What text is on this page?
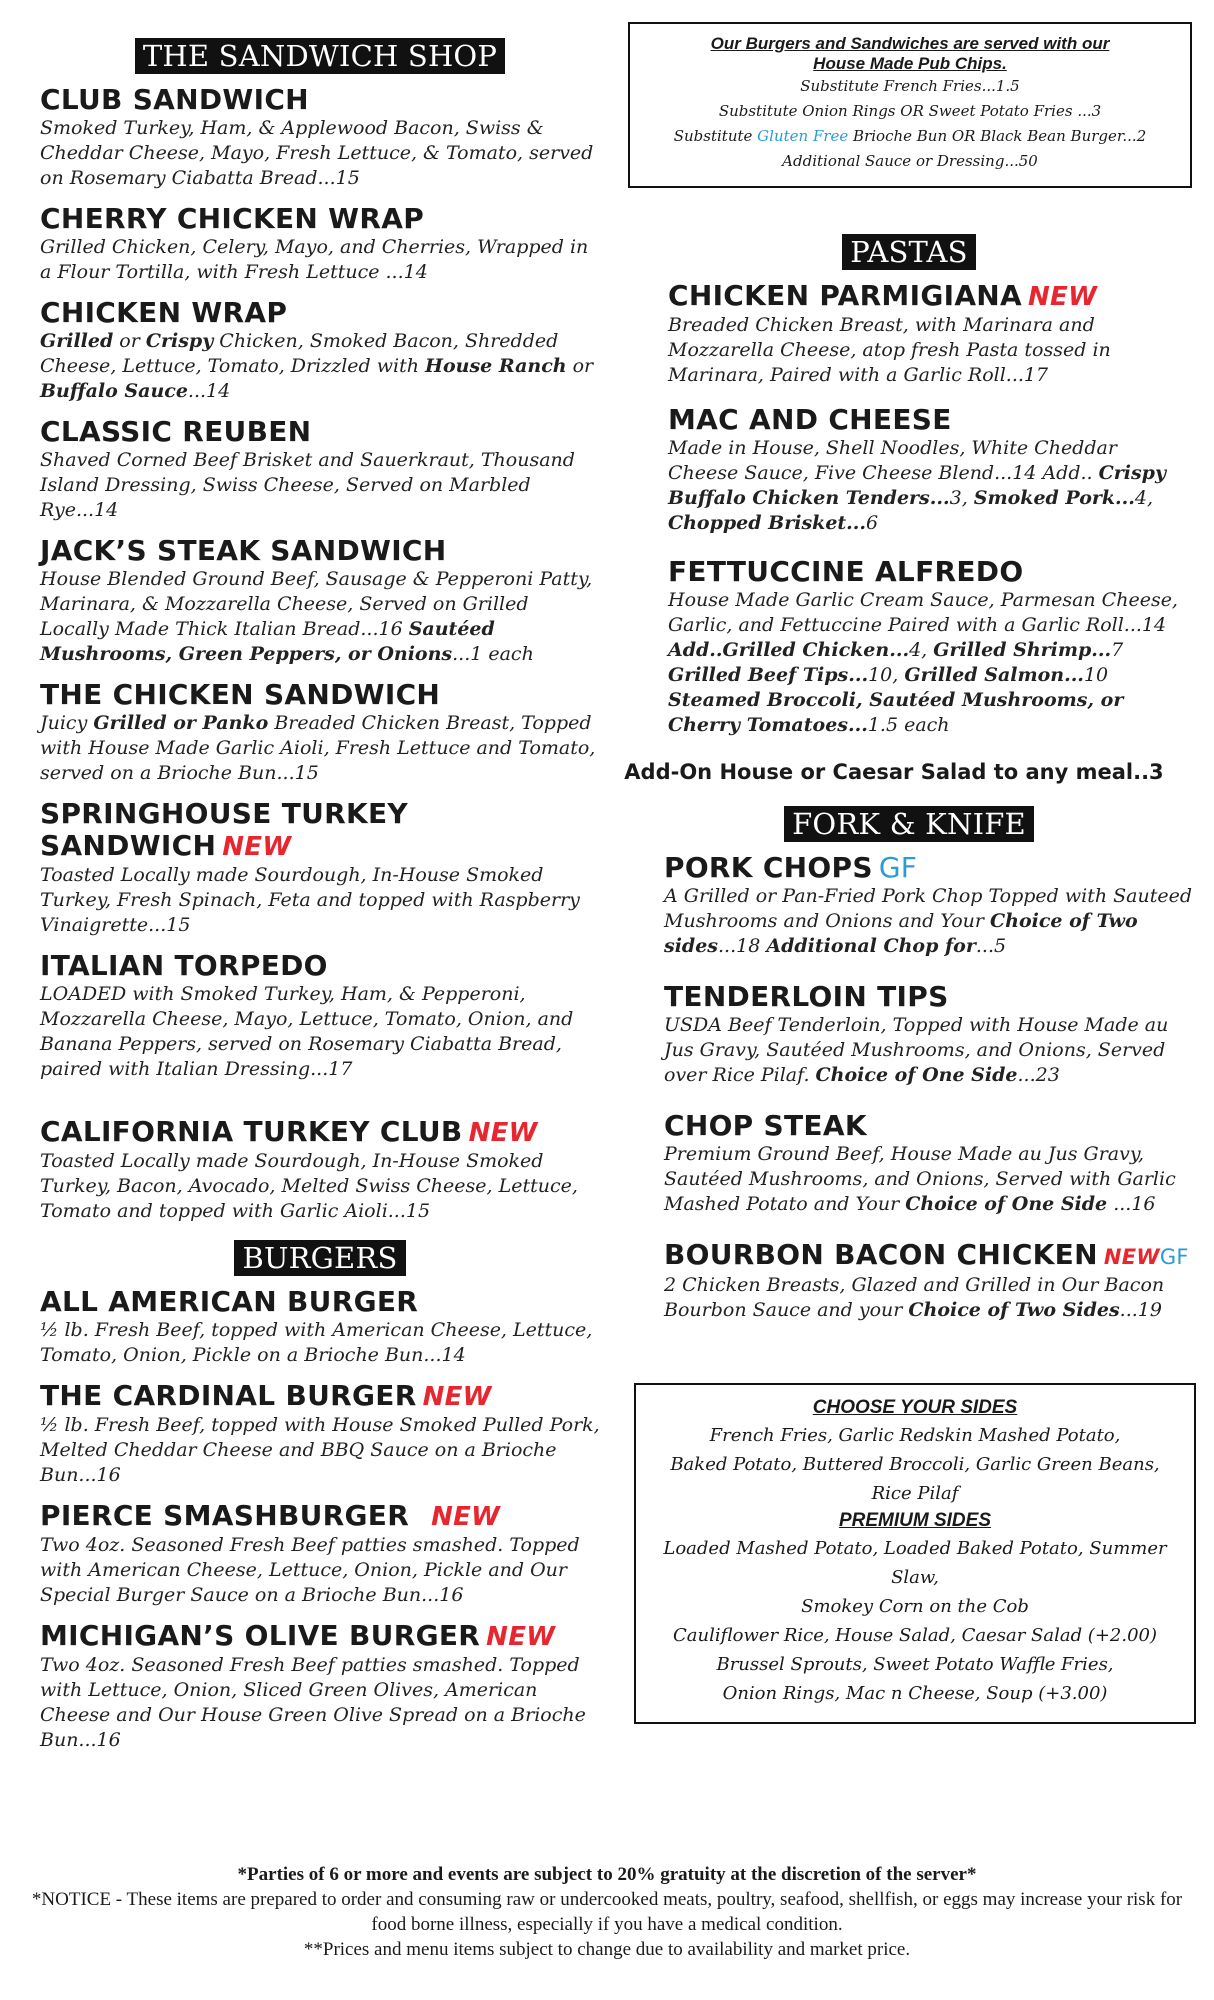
THE SANDWICH SHOP
CLUB SANDWICH
Smoked Turkey, Ham, & Applewood Bacon, Swiss & Cheddar Cheese, Mayo, Fresh Lettuce, & Tomato, served on Rosemary Ciabatta Bread...15
CHERRY CHICKEN WRAP
Grilled Chicken, Celery, Mayo, and Cherries, Wrapped in a Flour Tortilla, with Fresh Lettuce ...14
CHICKEN WRAP
Grilled or Crispy Chicken, Smoked Bacon, Shredded Cheese, Lettuce, Tomato, Drizzled with House Ranch or Buffalo Sauce...14
CLASSIC REUBEN
Shaved Corned Beef Brisket and Sauerkraut, Thousand Island Dressing, Swiss Cheese, Served on Marbled Rye...14
JACK’S STEAK SANDWICH
House Blended Ground Beef, Sausage & Pepperoni Patty, Marinara, & Mozzarella Cheese, Served on Grilled Locally Made Thick Italian Bread...16 Sautéed Mushrooms, Green Peppers, or Onions...1 each
THE CHICKEN SANDWICH
Juicy Grilled or Panko Breaded Chicken Breast, Topped with House Made Garlic Aioli, Fresh Lettuce and Tomato, served on a Brioche Bun...15
SPRINGHOUSE TURKEY SANDWICH NEW
Toasted Locally made Sourdough, In-House Smoked Turkey, Fresh Spinach, Feta and topped with Raspberry Vinaigrette...15
ITALIAN TORPEDO
LOADED with Smoked Turkey, Ham, & Pepperoni, Mozzarella Cheese, Mayo, Lettuce, Tomato, Onion, and Banana Peppers, served on Rosemary Ciabatta Bread, paired with Italian Dressing...17
CALIFORNIA TURKEY CLUB NEW
Toasted Locally made Sourdough, In-House Smoked Turkey, Bacon, Avocado, Melted Swiss Cheese, Lettuce, Tomato and topped with Garlic Aioli...15
BURGERS
ALL AMERICAN BURGER
½ lb. Fresh Beef, topped with American Cheese, Lettuce, Tomato, Onion, Pickle on a Brioche Bun...14
THE CARDINAL BURGER NEW
½ lb. Fresh Beef, topped with House Smoked Pulled Pork, Melted Cheddar Cheese and BBQ Sauce on a Brioche Bun...16
PIERCE SMASHBURGER NEW
Two 4oz. Seasoned Fresh Beef patties smashed. Topped with American Cheese, Lettuce, Onion, Pickle and Our Special Burger Sauce on a Brioche Bun...16
MICHIGAN’S OLIVE BURGER NEW
Two 4oz. Seasoned Fresh Beef patties smashed. Topped with Lettuce, Onion, Sliced Green Olives, American Cheese and Our House Green Olive Spread on a Brioche Bun...16
Our Burgers and Sandwiches are served with our
House Made Pub Chips.
Substitute French Fries...1.5
Substitute Onion Rings OR Sweet Potato Fries ...3
Substitute Gluten Free Brioche Bun OR Black Bean Burger...2
Additional Sauce or Dressing...50
PASTAS
CHICKEN PARMIGIANA NEW
Breaded Chicken Breast, with Marinara and Mozzarella Cheese, atop fresh Pasta tossed in Marinara, Paired with a Garlic Roll...17
MAC AND CHEESE
Made in House, Shell Noodles, White Cheddar Cheese Sauce, Five Cheese Blend...14 Add.. Crispy Buffalo Chicken Tenders...3, Smoked Pork...4, Chopped Brisket...6
FETTUCCINE ALFREDO
House Made Garlic Cream Sauce, Parmesan Cheese, Garlic, and Fettuccine Paired with a Garlic Roll...14
Add..Grilled Chicken...4, Grilled Shrimp...7
Grilled Beef Tips...10, Grilled Salmon...10
Steamed Broccoli, Sautéed Mushrooms, or Cherry Tomatoes...1.5 each
Add-On House or Caesar Salad to any meal..3
FORK & KNIFE
PORK CHOPS GF
A Grilled or Pan-Fried Pork Chop Topped with Sauteed Mushrooms and Onions and Your Choice of Two sides...18 Additional Chop for...5
TENDERLOIN TIPS
USDA Beef Tenderloin, Topped with House Made au Jus Gravy, Sautéed Mushrooms, and Onions, Served over Rice Pilaf. Choice of One Side...23
CHOP STEAK
Premium Ground Beef, House Made au Jus Gravy, Sautéed Mushrooms, and Onions, Served with Garlic Mashed Potato and Your Choice of One Side ...16
BOURBON BACON CHICKEN NEWGF
2 Chicken Breasts, Glazed and Grilled in Our Bacon Bourbon Sauce and your Choice of Two Sides...19
CHOOSE YOUR SIDES
French Fries, Garlic Redskin Mashed Potato,
Baked Potato, Buttered Broccoli, Garlic Green Beans,
Rice Pilaf
PREMIUM SIDES
Loaded Mashed Potato, Loaded Baked Potato, Summer Slaw,
Smokey Corn on the Cob
Cauliflower Rice, House Salad, Caesar Salad (+2.00)
Brussel Sprouts, Sweet Potato Waffle Fries,
Onion Rings, Mac n Cheese, Soup (+3.00)
*Parties of 6 or more and events are subject to 20% gratuity at the discretion of the server*
*NOTICE - These items are prepared to order and consuming raw or undercooked meats, poultry, seafood, shellfish, or eggs may increase your risk for food borne illness, especially if you have a medical condition.
**Prices and menu items subject to change due to availability and market price.
